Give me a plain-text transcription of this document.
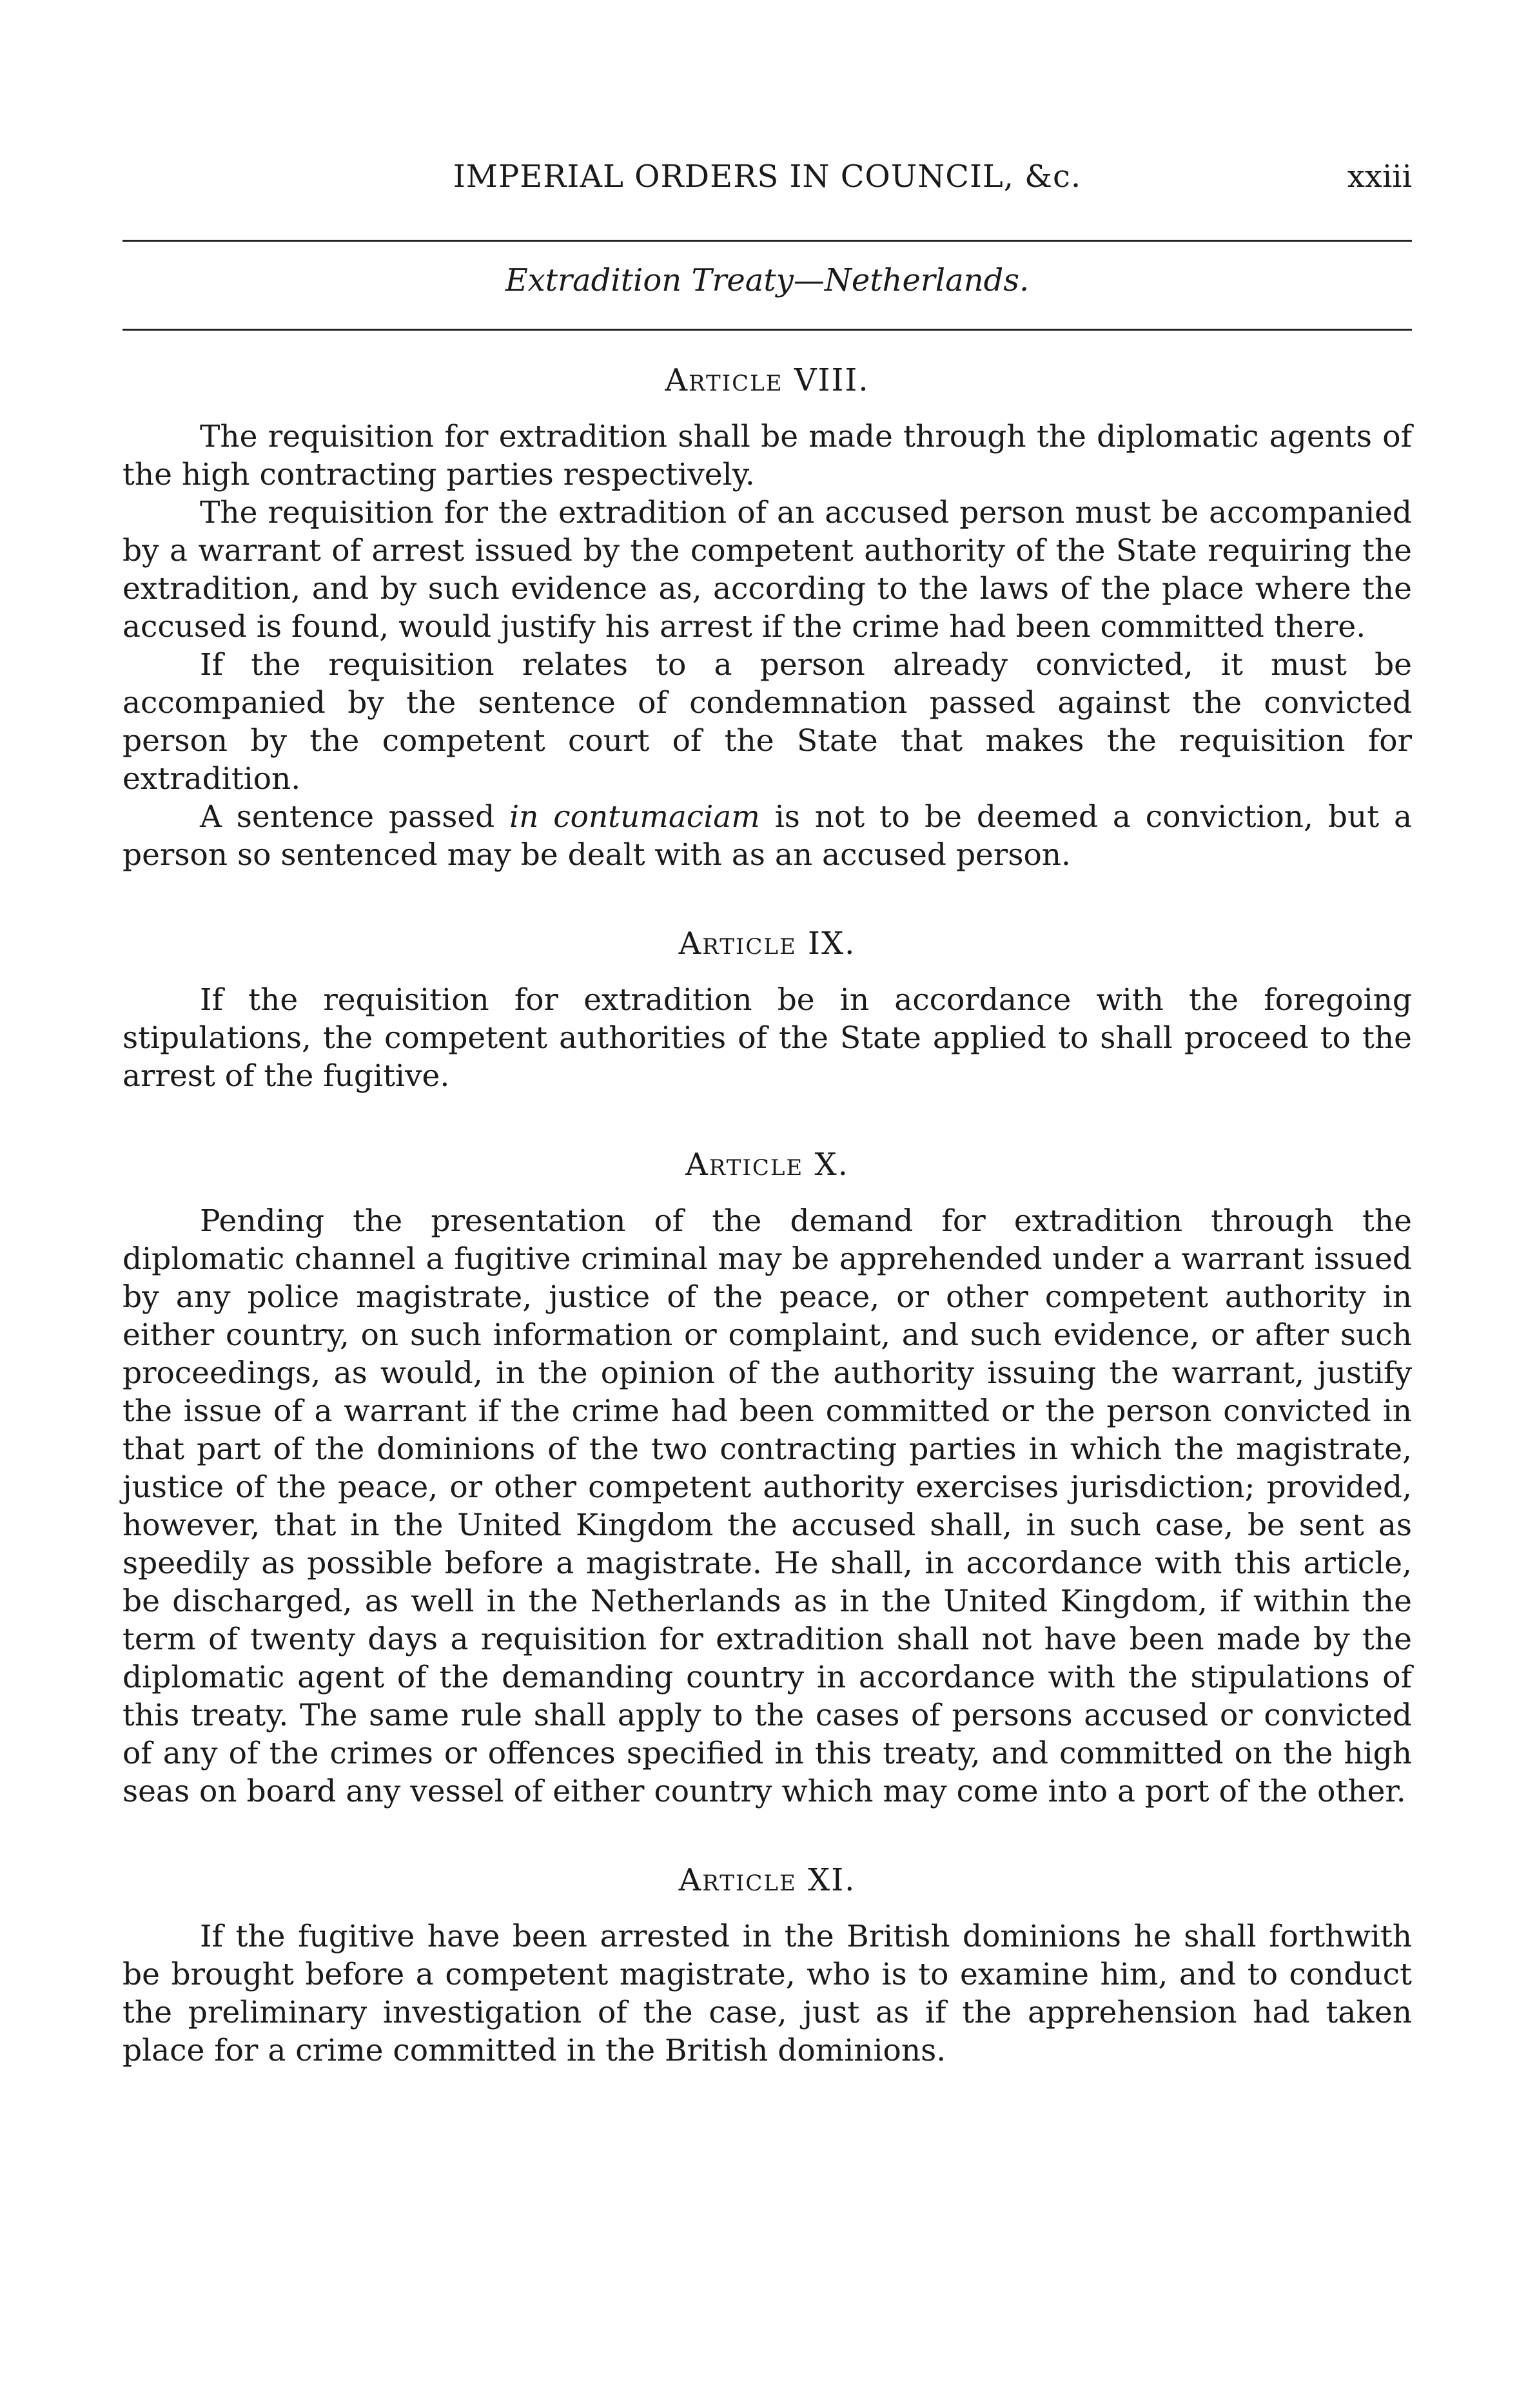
IMPERIAL ORDERS IN COUNCIL, &c.	xxiii
Extradition Treaty—Netherlands.
Article VIII.

The requisition for extradition shall be made through the diplomatic agents of the high contracting parties respectively.

The requisition for the extradition of an accused person must be accompanied by a warrant of arrest issued by the competent authority of the State requiring the extradition, and by such evidence as, according to the laws of the place where the accused is found, would justify his arrest if the crime had been committed there.

If the requisition relates to a person already convicted, it must be accompanied by the sentence of condemnation passed against the convicted person by the competent court of the State that makes the requisition for extradition.

A sentence passed in contumaciam is not to be deemed a conviction, but a person so sentenced may be dealt with as an accused person.

Article IX.

If the requisition for extradition be in accordance with the foregoing stipulations, the competent authorities of the State applied to shall proceed to the arrest of the fugitive.

Article X.

Pending the presentation of the demand for extradition through the diplomatic channel a fugitive criminal may be apprehended under a warrant issued by any police magistrate, justice of the peace, or other competent authority in either country, on such information or complaint, and such evidence, or after such proceedings, as would, in the opinion of the authority issuing the warrant, justify the issue of a warrant if the crime had been committed or the person convicted in that part of the dominions of the two contracting parties in which the magistrate, justice of the peace, or other competent authority exercises jurisdiction; provided, however, that in the United Kingdom the accused shall, in such case, be sent as speedily as possible before a magistrate. He shall, in accordance with this article, be discharged, as well in the Netherlands as in the United Kingdom, if within the term of twenty days a requisition for extradition shall not have been made by the diplomatic agent of the demanding country in accordance with the stipulations of this treaty. The same rule shall apply to the cases of persons accused or convicted of any of the crimes or offences specified in this treaty, and committed on the high seas on board any vessel of either country which may come into a port of the other.

Article XI.

If the fugitive have been arrested in the British dominions he shall forthwith be brought before a competent magistrate, who is to examine him, and to conduct the preliminary investigation of the case, just as if the apprehension had taken place for a crime committed in the British dominions.
